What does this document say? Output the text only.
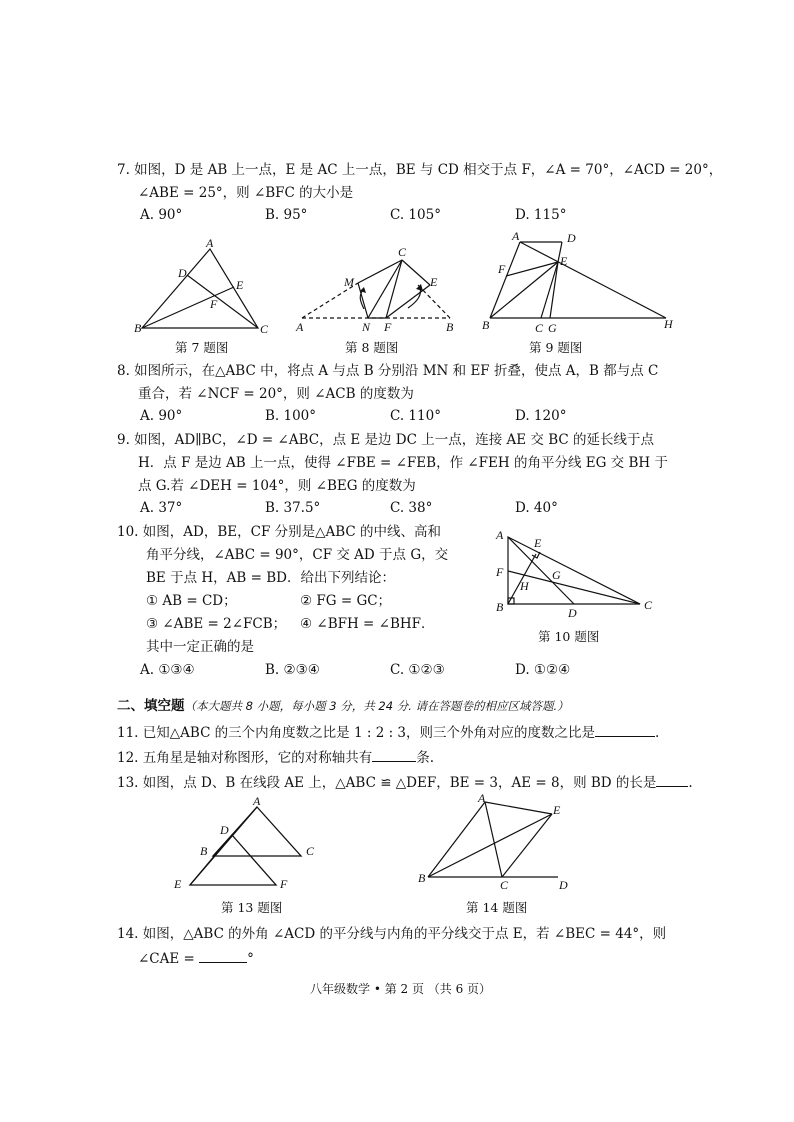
7. 如图，D 是 AB 上一点，E 是 AC 上一点，BE 与 CD 相交于点 F，∠A = 70°，∠ACD = 20°，
∠ABE = 25°，则 ∠BFC 的大小是
A. 90°	B. 95°	C. 105°	D. 115°
A
D
E
F
B	C
第 7 题图
C
M	E
A	N F	B
第 8 题图
A	D
E
F
B	C G	H
第 9 题图
8. 如图所示，在△ABC 中，将点 A 与点 B 分别沿 MN 和 EF 折叠，使点 A，B 都与点 C
重合，若 ∠NCF = 20°，则 ∠ACB 的度数为
A. 90°	B. 100°	C. 110°	D. 120°
9. 如图，AD∥BC，∠D = ∠ABC，点 E 是边 DC 上一点，连接 AE 交 BC 的延长线于点
H．点 F 是边 AB 上一点，使得 ∠FBE = ∠FEB，作 ∠FEH 的角平分线 EG 交 BH 于
点 G.若 ∠DEH = 104°，则 ∠BEG 的度数为
A. 37°	B. 37.5°	C. 38°	D. 40°
10. 如图，AD，BE，CF 分别是△ABC 的中线、高和
角平分线，∠ABC = 90°，CF 交 AD 于点 G，交
BE 于点 H，AB = BD．给出下列结论：
① AB = CD；	② FG = GC；
③ ∠ABE = 2∠FCB； ④ ∠BFH = ∠BHF．
其中一定正确的是
A. ①③④	B. ②③④	C. ①②③	D. ①②④
A
E
F	G
H
B	D
C
第 10 题图
二、填空题（本大题共 8 小题，每小题 3 分，共 24 分. 请在答题卷的相应区域答题.）
11. 已知△ABC 的三个内角度数之比是 1 : 2 : 3，则三个外角对应的度数之比是	.
12. 五角星是轴对称图形，它的对称轴共有	条.
13. 如图，点 D、B 在线段 AE 上，△ABC ≌ △DEF，BE = 3，AE = 8，则 BD 的长是 .
A
D
B	C
E	F
第 13 题图
A
E
B	C	D
第 14 题图
14. 如图，△ABC 的外角 ∠ACD 的平分线与内角的平分线交于点 E，若 ∠BEC = 44°，则
∠CAE =	°
八年级数学 • 第 2 页 （共 6 页）
